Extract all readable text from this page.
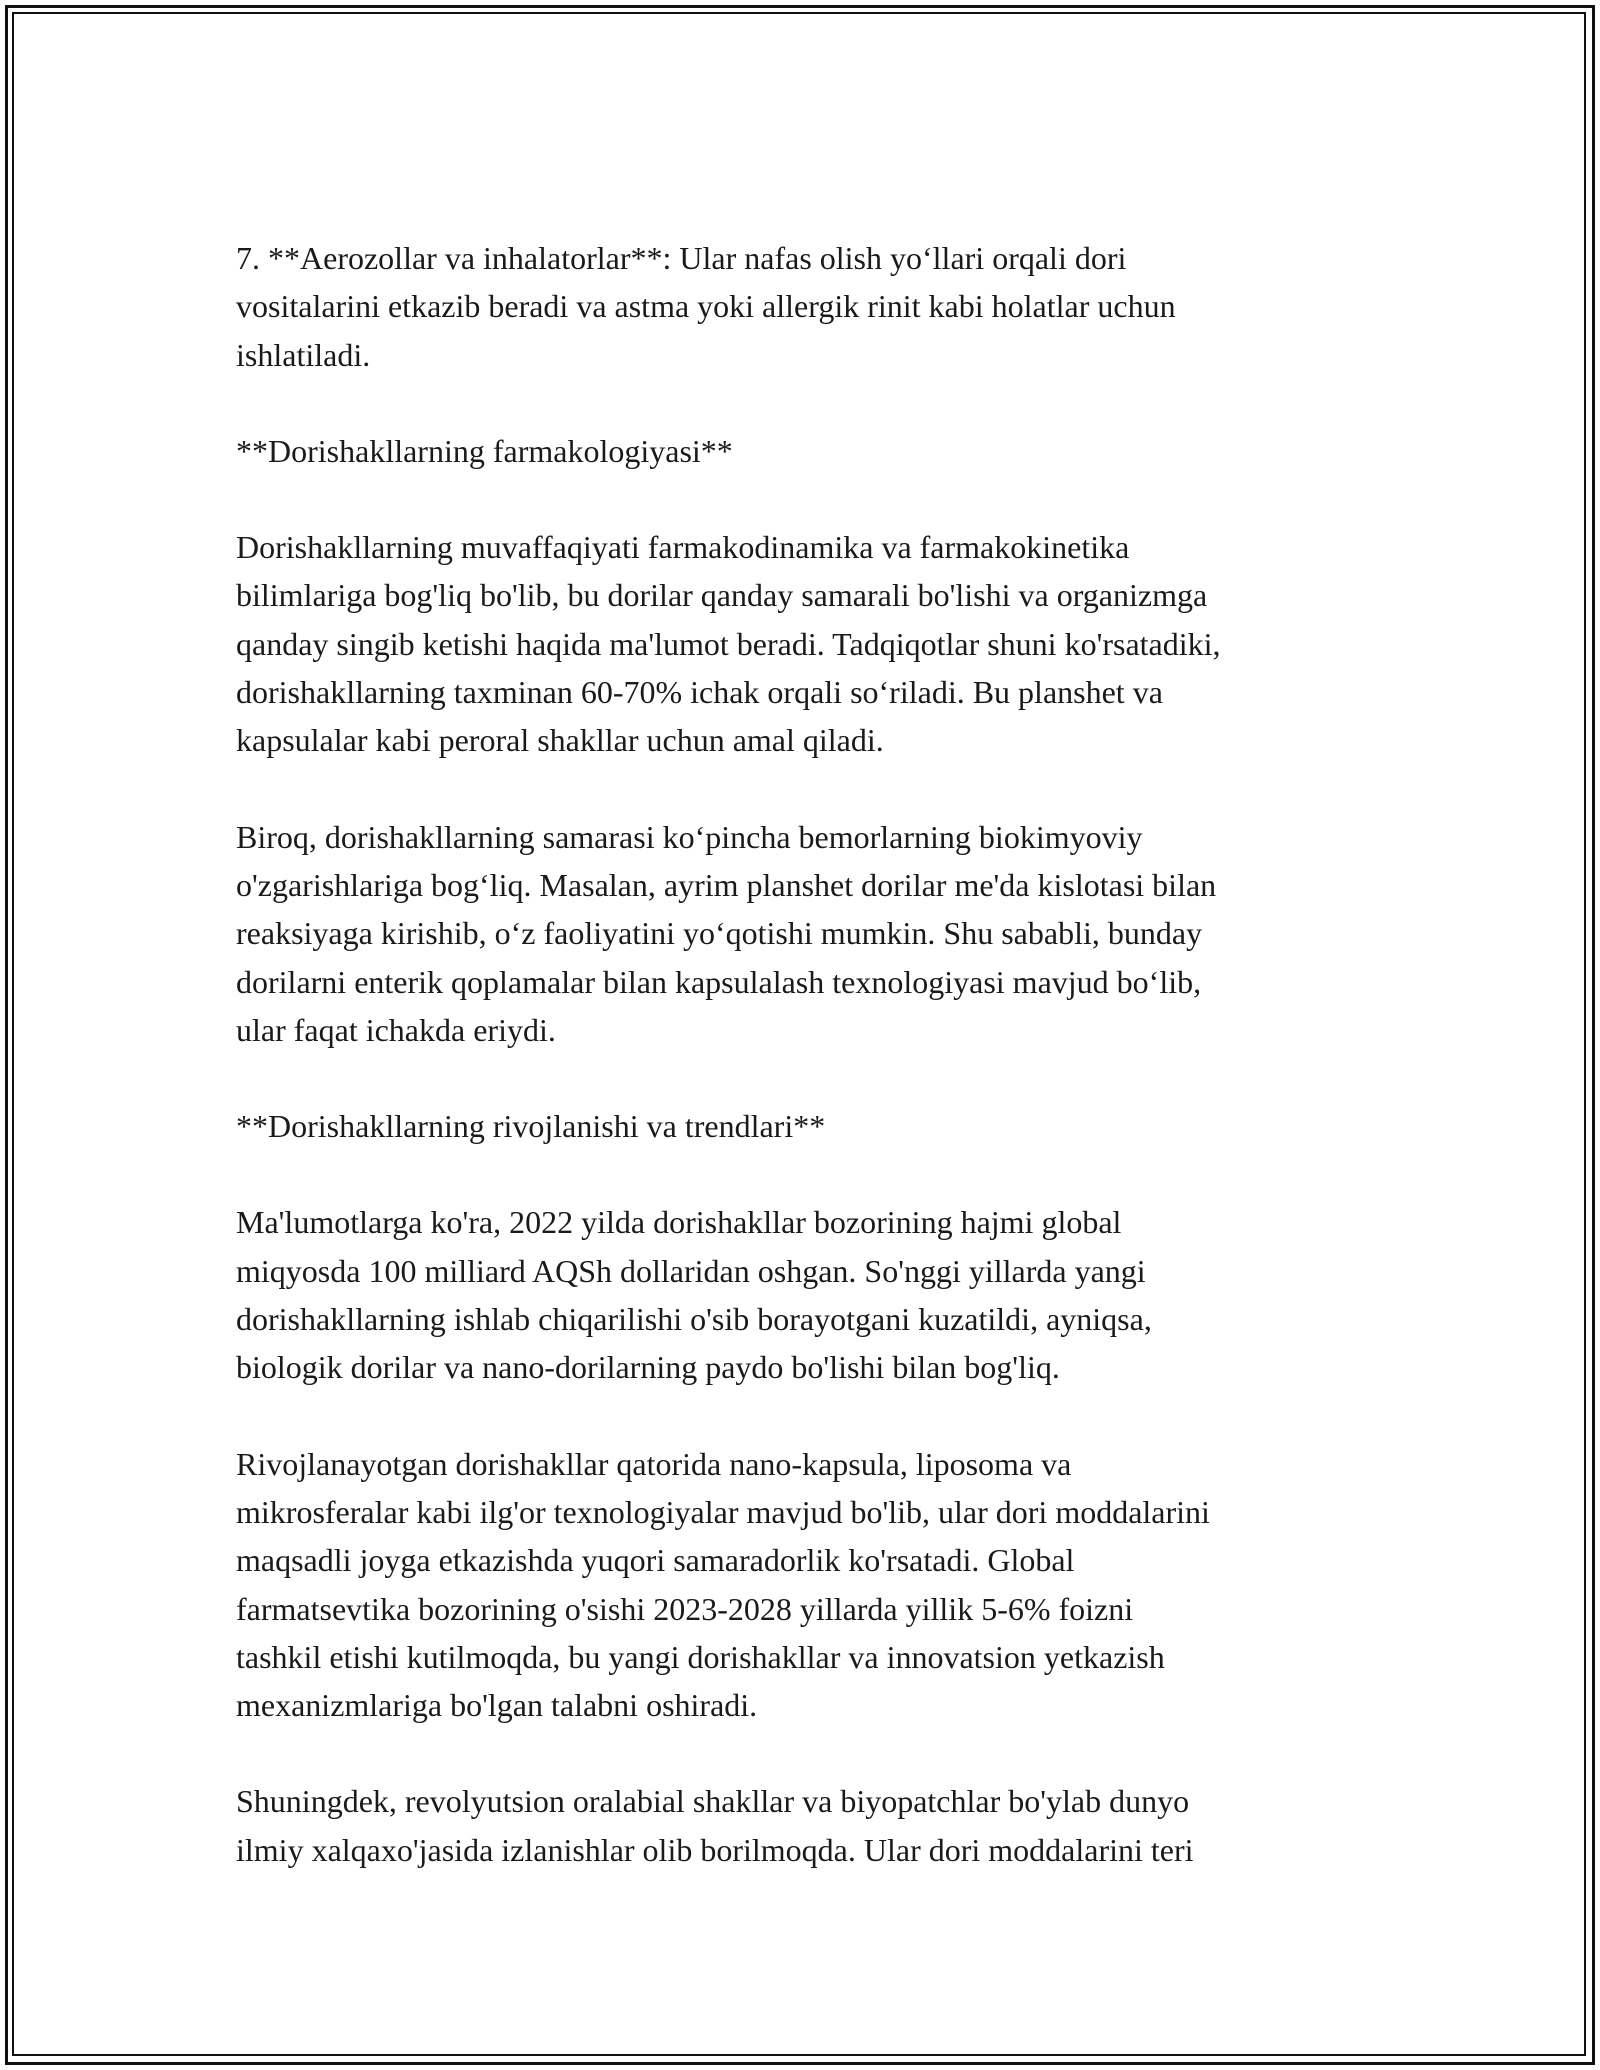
7. **Aerozollar va inhalatorlar**: Ular nafas olish yo‘llari orqali dori
vositalarini etkazib beradi va astma yoki allergik rinit kabi holatlar uchun
ishlatiladi.

**Dorishakllarning farmakologiyasi**

Dorishakllarning muvaffaqiyati farmakodinamika va farmakokinetika
bilimlariga bog'liq bo'lib, bu dorilar qanday samarali bo'lishi va organizmga
qanday singib ketishi haqida ma'lumot beradi. Tadqiqotlar shuni ko'rsatadiki,
dorishakllarning taxminan 60-70% ichak orqali so‘riladi. Bu planshet va
kapsulalar kabi peroral shakllar uchun amal qiladi.

Biroq, dorishakllarning samarasi ko‘pincha bemorlarning biokimyoviy
o'zgarishlariga bog‘liq. Masalan, ayrim planshet dorilar me'da kislotasi bilan
reaksiyaga kirishib, o‘z faoliyatini yo‘qotishi mumkin. Shu sababli, bunday
dorilarni enterik qoplamalar bilan kapsulalash texnologiyasi mavjud bo‘lib,
ular faqat ichakda eriydi.

**Dorishakllarning rivojlanishi va trendlari**

Ma'lumotlarga ko'ra, 2022 yilda dorishakllar bozorining hajmi global
miqyosda 100 milliard AQSh dollaridan oshgan. So'nggi yillarda yangi
dorishakllarning ishlab chiqarilishi o'sib borayotgani kuzatildi, ayniqsa,
biologik dorilar va nano-dorilarning paydo bo'lishi bilan bog'liq.

Rivojlanayotgan dorishakllar qatorida nano-kapsula, liposoma va
mikrosferalar kabi ilg'or texnologiyalar mavjud bo'lib, ular dori moddalarini
maqsadli joyga etkazishda yuqori samaradorlik ko'rsatadi. Global
farmatsevtika bozorining o'sishi 2023-2028 yillarda yillik 5-6% foizni
tashkil etishi kutilmoqda, bu yangi dorishakllar va innovatsion yetkazish
mexanizmlariga bo'lgan talabni oshiradi.

Shuningdek, revolyutsion oralabial shakllar va biyopatchlar bo'ylab dunyo
ilmiy xalqaxo'jasida izlanishlar olib borilmoqda. Ular dori moddalarini teri
